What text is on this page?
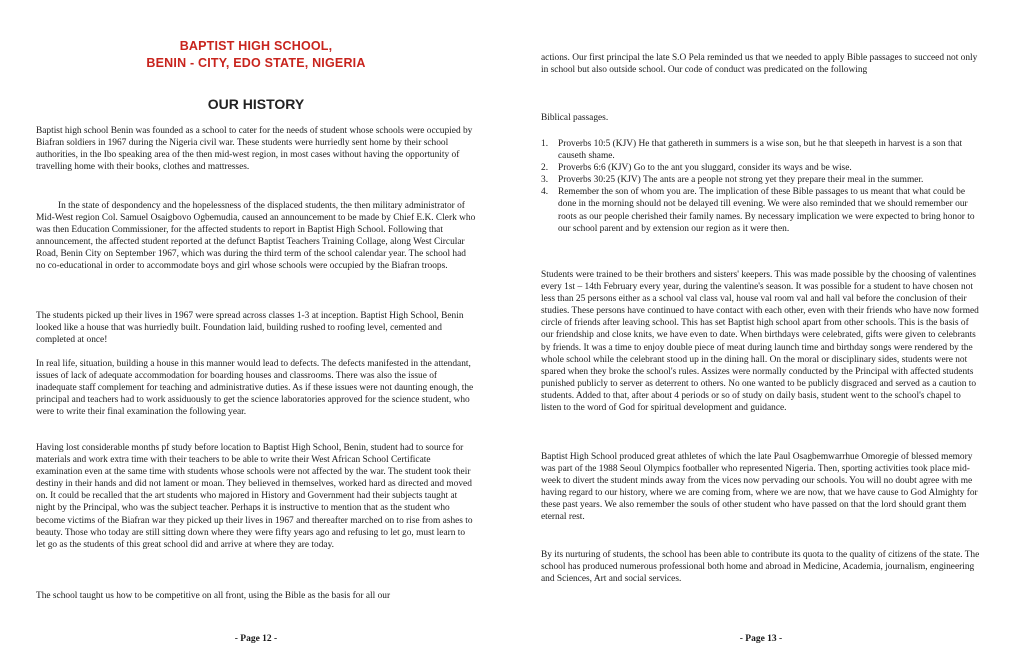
BAPTIST HIGH SCHOOL,
BENIN - CITY, EDO STATE, NIGERIA
OUR HISTORY

Baptist high school Benin was founded as a school to cater for the needs of student whose schools were occupied by Biafran soldiers in 1967 during the Nigeria civil war. These students were hurriedly sent home by their school authorities, in the Ibo speaking area of the then mid-west region, in most cases without having the opportunity of travelling home with their books, clothes and mattresses.

In the state of despondency and the hopelessness of the displaced students, the then military administrator of Mid-West region Col. Samuel Osaigbovo Ogbemudia, caused an announcement to be made by Chief E.K. Clerk who was then Education Commissioner, for the affected students to report in Baptist High School. Following that announcement, the affected student reported at the defunct Baptist Teachers Training Collage, along West Circular Road, Benin City on September 1967, which was during the third term of the school calendar year. The school had no co-educational in order to accommodate boys and girl whose schools were occupied by the Biafran troops.

The students picked up their lives in 1967 were spread across classes 1-3 at inception. Baptist High School, Benin looked like a house that was hurriedly built. Foundation laid, building rushed to roofing level, cemented and completed at once!

In real life, situation, building a house in this manner would lead to defects. The defects manifested in the attendant, issues of lack of adequate accommodation for boarding houses and classrooms. There was also the issue of inadequate staff complement for teaching and administrative duties. As if these issues were not daunting enough, the principal and teachers had to work assiduously to get the science laboratories approved for the science student, who were to write their final examination the following year.

Having lost considerable months pf study before location to Baptist High School, Benin, student had to source for materials and work extra time with their teachers to be able to write their West African School Certificate examination even at the same time with students whose schools were not affected by the war. The student took their destiny in their hands and did not lament or moan. They believed in themselves, worked hard as directed and moved on. It could be recalled that the art students who majored in History and Government had their subjects taught at night by the Principal, who was the subject teacher. Perhaps it is instructive to mention that as the student who become victims of the Biafran war they picked up their lives in 1967 and thereafter marched on to rise from ashes to beauty. Those who today are still sitting down where they were fifty years ago and refusing to let go, must learn to let go as the students of this great school did and arrive at where they are today.

The school taught us how to be competitive on all front, using the Bible as the basis for all our

- Page 12 -

actions. Our first principal the late S.O Pela reminded us that we needed to apply Bible passages to succeed not only in school but also outside school. Our code of conduct was predicated on the following

Biblical passages.

1. Proverbs 10:5 (KJV) He that gathereth in summers is a wise son, but he that sleepeth in harvest is a son that causeth shame.
2. Proverbs 6:6 (KJV) Go to the ant you sluggard, consider its ways and be wise.
3. Proverbs 30:25 (KJV) The ants are a people not strong yet they prepare their meal in the summer.
4. Remember the son of whom you are. The implication of these Bible passages to us meant that what could be done in the morning should not be delayed till evening. We were also reminded that we should remember our roots as our people cherished their family names. By necessary implication we were expected to bring honor to our school parent and by extension our region as it were then.

Students were trained to be their brothers and sisters' keepers. This was made possible by the choosing of valentines every 1st – 14th February every year, during the valentine's season. It was possible for a student to have chosen not less than 25 persons either as a school val class val, house val room val and hall val before the conclusion of their studies. These persons have continued to have contact with each other, even with their friends who have now formed circle of friends after leaving school. This has set Baptist high school apart from other schools. This is the basis of our friendship and close knits, we have even to date. When birthdays were celebrated, gifts were given to celebrants by friends. It was a time to enjoy double piece of meat during launch time and birthday songs were rendered by the whole school while the celebrant stood up in the dining hall. On the moral or disciplinary sides, students were not spared when they broke the school's rules. Assizes were normally conducted by the Principal with affected students punished publicly to server as deterrent to others. No one wanted to be publicly disgraced and served as a caution to students. Added to that, after about 4 periods or so of study on daily basis, student went to the school's chapel to listen to the word of God for spiritual development and guidance.

Baptist High School produced great athletes of which the late Paul Osagbemwarrhue Omoregie of blessed memory was part of the 1988 Seoul Olympics footballer who represented Nigeria. Then, sporting activities took place mid-week to divert the student minds away from the vices now pervading our schools. You will no doubt agree with me having regard to our history, where we are coming from, where we are now, that we have cause to God Almighty for these past years. We also remember the souls of other student who have passed on that the lord should grant them eternal rest.

By its nurturing of students, the school has been able to contribute its quota to the quality of citizens of the state. The school has produced numerous professional both home and abroad in Medicine, Academia, journalism, engineering and Sciences, Art and social services.

- Page 13 -
